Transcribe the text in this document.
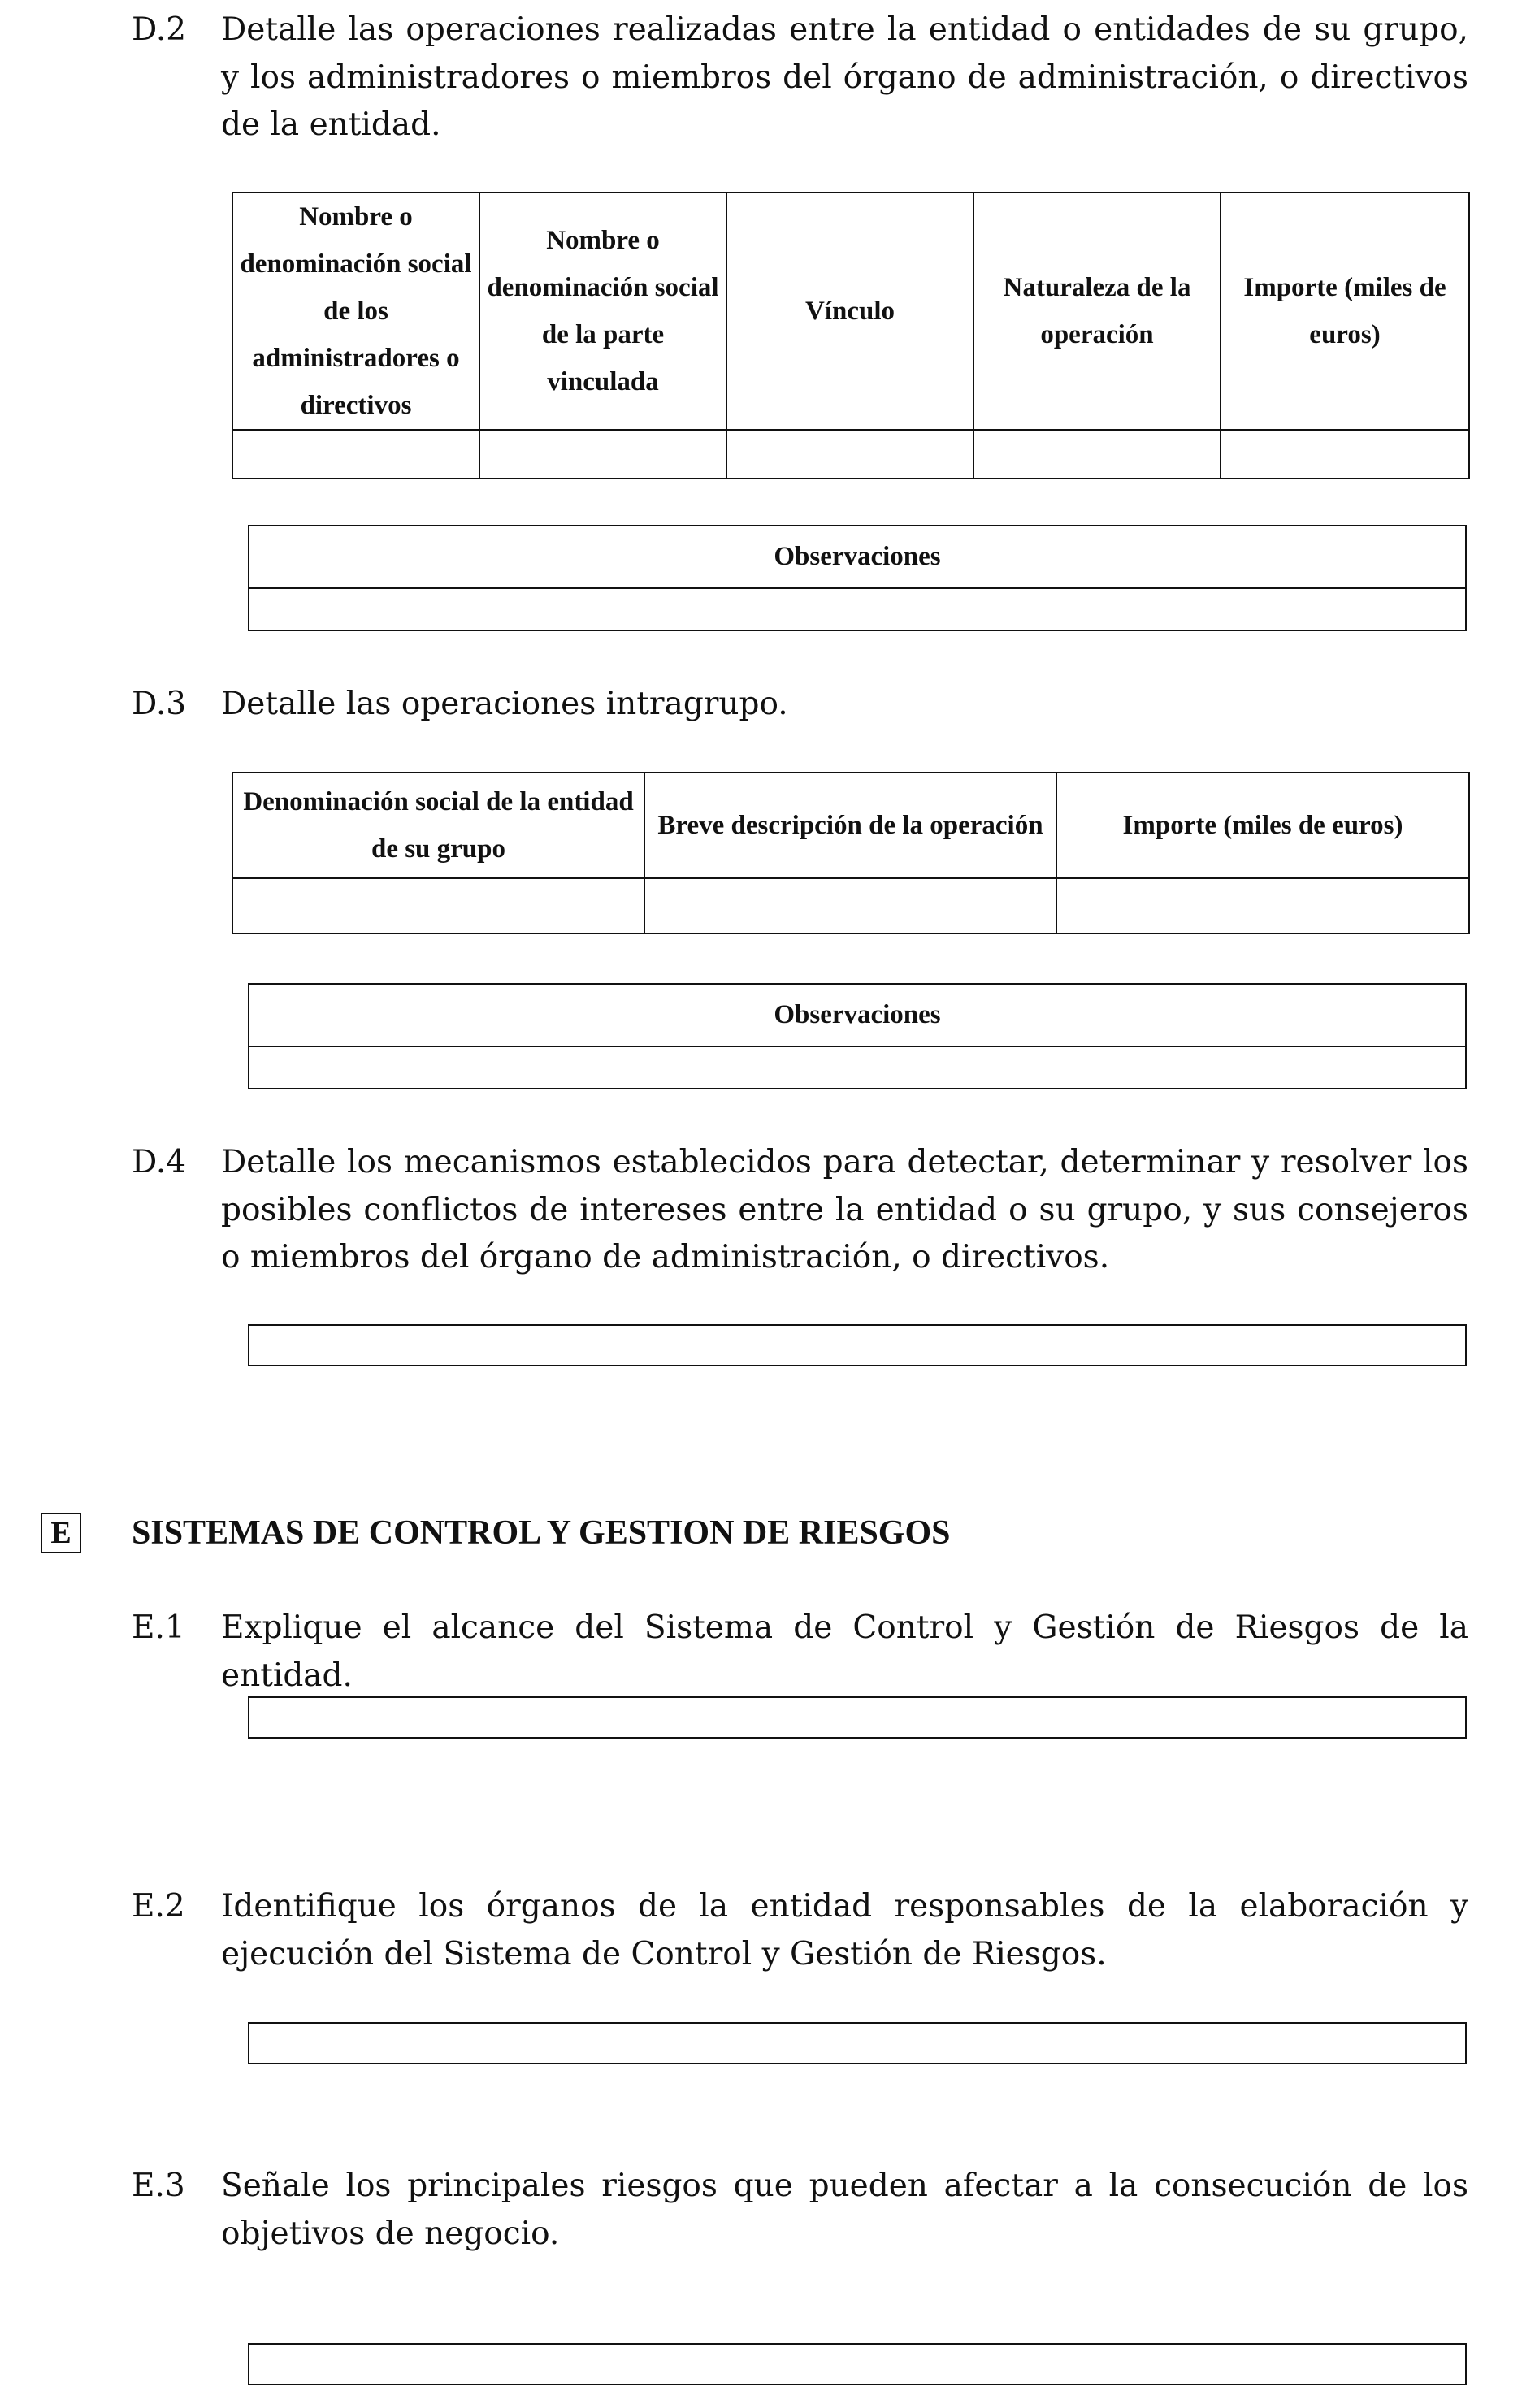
D.2 Detalle las operaciones realizadas entre la entidad o entidades de su grupo, y los administradores o miembros del órgano de administración, o directivos de la entidad.
Nombre o denominación social de los administradores o directivos	Nombre o denominación social de la parte vinculada	Vínculo	Naturaleza de la operación	Importe (miles de euros)

Observaciones
D.3 Detalle las operaciones intragrupo.
Denominación social de la entidad de su grupo	Breve descripción de la operación	Importe (miles de euros)

Observaciones
D.4 Detalle los mecanismos establecidos para detectar, determinar y resolver los posibles conflictos de intereses entre la entidad o su grupo, y sus consejeros o miembros del órgano de administración, o directivos.
E SISTEMAS DE CONTROL Y GESTION DE RIESGOS
E.1 Explique el alcance del Sistema de Control y Gestión de Riesgos de la entidad.
E.2 Identifique los órganos de la entidad responsables de la elaboración y ejecución del Sistema de Control y Gestión de Riesgos.
E.3 Señale los principales riesgos que pueden afectar a la consecución de los objetivos de negocio.
